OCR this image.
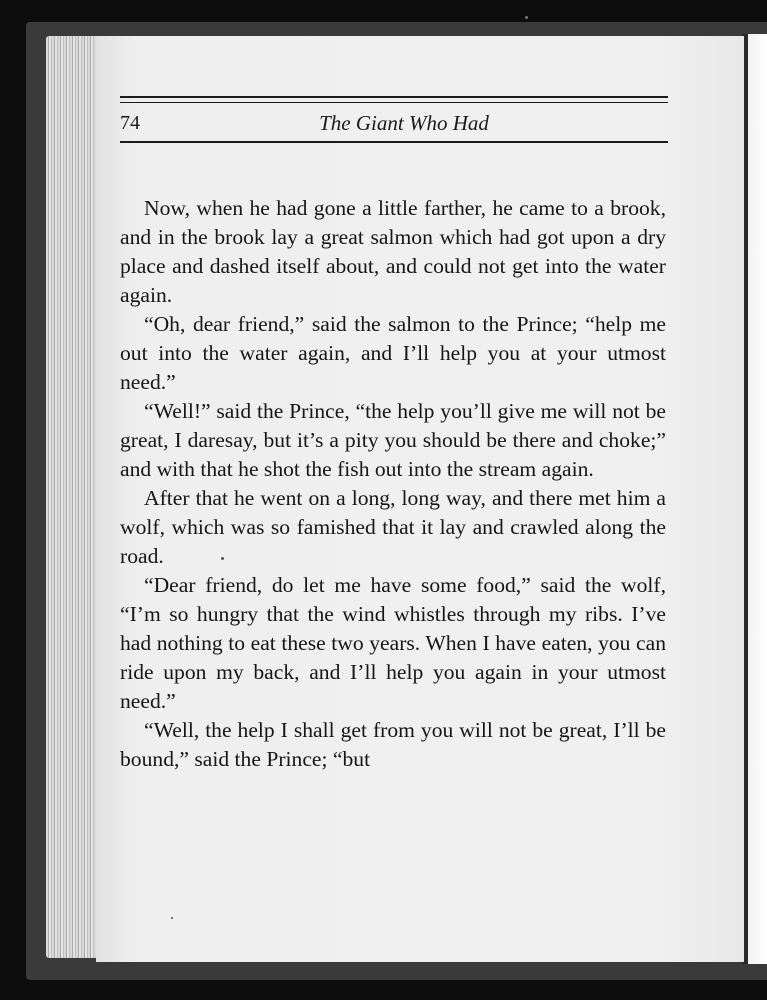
74	The Giant Who Had

Now, when he had gone a little farther, he came to a brook, and in the brook lay a great salmon which had got upon a dry place and dashed itself about, and could not get into the water again.

“Oh, dear friend,” said the salmon to the Prince; “help me out into the water again, and I’ll help you at your utmost need.”

“Well!” said the Prince, “the help you’ll give me will not be great, I daresay, but it’s a pity you should be there and choke;” and with that he shot the fish out into the stream again.

After that he went on a long, long way, and there met him a wolf, which was so famished that it lay and crawled along the road.

“Dear friend, do let me have some food,” said the wolf, “I’m so hungry that the wind whistles through my ribs. I’ve had nothing to eat these two years. When I have eaten, you can ride upon my back, and I’ll help you again in your utmost need.”

“Well, the help I shall get from you will not be great, I’ll be bound,” said the Prince; “but
